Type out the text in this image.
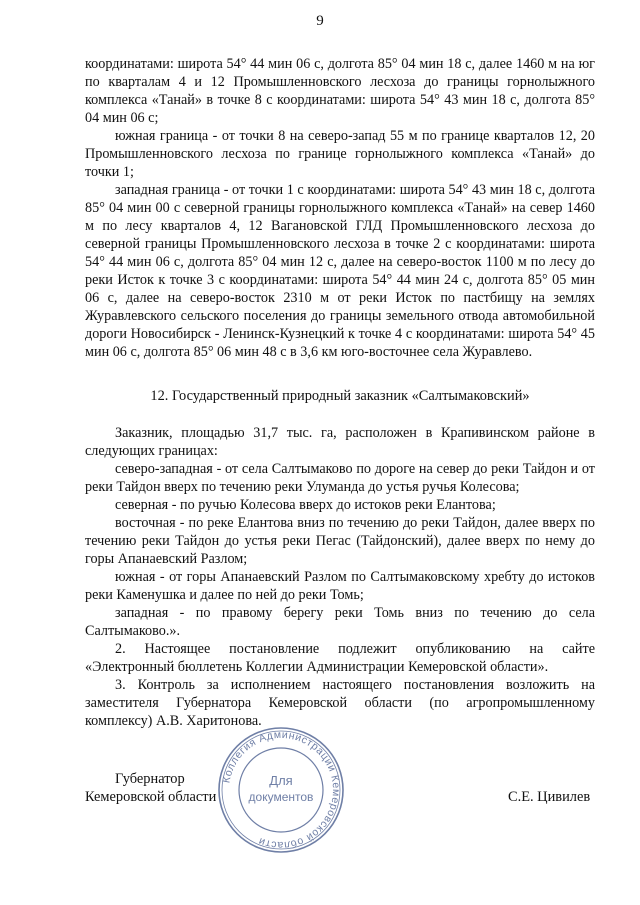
9

координатами: широта 54° 44 мин 06 с, долгота 85° 04 мин 18 с, далее 1460 м на юг по кварталам 4 и 12 Промышленновского лесхоза до границы горнолыжного комплекса «Танай» в точке 8 с координатами: широта 54° 43 мин 18 с, долгота 85° 04 мин 06 с;

южная граница - от точки 8 на северо-запад 55 м по границе кварталов 12, 20 Промышленновского лесхоза по границе горнолыжного комплекса «Танай» до точки 1;

западная граница - от точки 1 с координатами: широта 54° 43 мин 18 с, долгота 85° 04 мин 00 с северной границы горнолыжного комплекса «Танай» на север 1460 м по лесу кварталов 4, 12 Вагановской ГЛД Промышленновского лесхоза до северной границы Промышленновского лесхоза в точке 2 с координатами: широта 54° 44 мин 06 с, долгота 85° 04 мин 12 с, далее на северо-восток 1100 м по лесу до реки Исток к точке 3 с координатами: широта 54° 44 мин 24 с, долгота 85° 05 мин 06 с, далее на северо-восток 2310 м от реки Исток по пастбищу на землях Журавлевского сельского поселения до границы земельного отвода автомобильной дороги Новосибирск - Ленинск-Кузнецкий к точке 4 с координатами: широта 54° 45 мин 06 с, долгота 85° 06 мин 48 с в 3,6 км юго-восточнее села Журавлево.

12. Государственный природный заказник «Салтымаковский»

Заказник, площадью 31,7 тыс. га, расположен в Крапивинском районе в следующих границах:

северо-западная - от села Салтымаково по дороге на север до реки Тайдон и от реки Тайдон вверх по течению реки Улуманда до устья ручья Колесова;

северная - по ручью Колесова вверх до истоков реки Елантова;

восточная - по реке Елантова вниз по течению до реки Тайдон, далее вверх по течению реки Тайдон до устья реки Пегас (Тайдонский), далее вверх по нему до горы Апанаевский Разлом;

южная - от горы Апанаевский Разлом по Салтымаковскому хребту до истоков реки Каменушка и далее по ней до реки Томь;

западная - по правому берегу реки Томь вниз по течению до села Салтымаково.».

2. Настоящее постановление подлежит опубликованию на сайте «Электронный бюллетень Коллегии Администрации Кемеровской области».

3. Контроль за исполнением настоящего постановления возложить на заместителя Губернатора Кемеровской области (по агропромышленному комплексу) А.В. Харитонова.

Губернатор
Кемеровской области	С.Е. Цивилев
Коллегия Администрации Кемеровской области
Для
документов
